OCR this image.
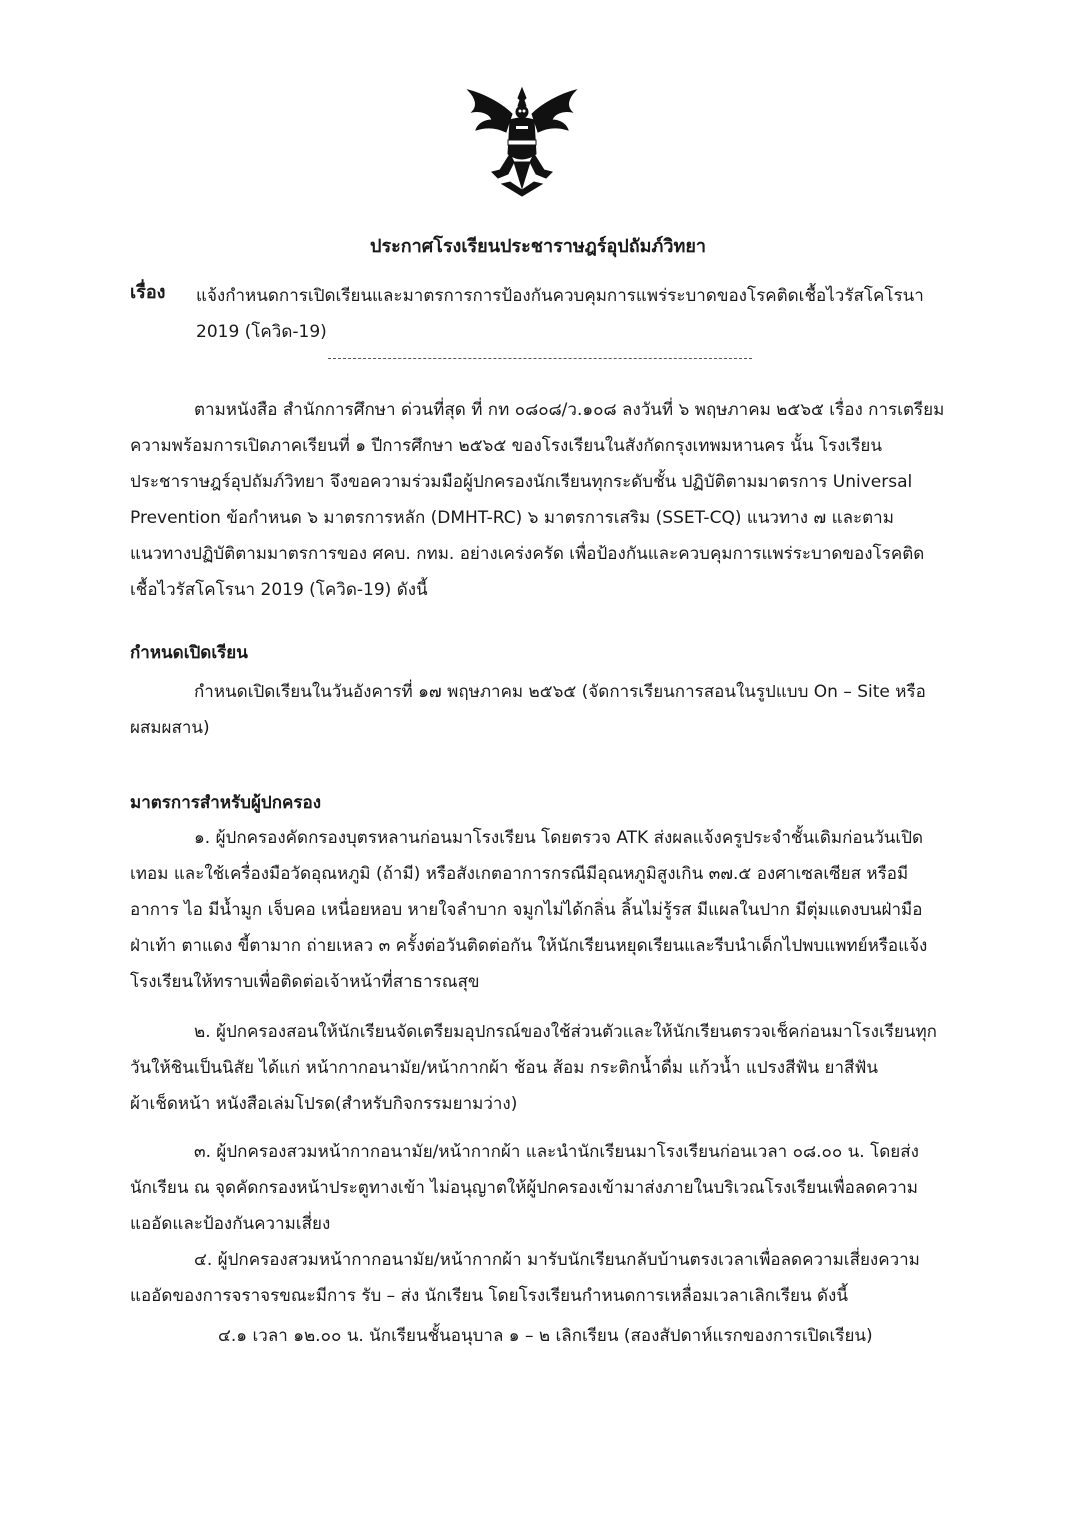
ประกาศโรงเรียนประชาราษฎร์อุปถัมภ์วิทยา
เรื่อง แจ้งกำหนดการเปิดเรียนและมาตรการการป้องกันควบคุมการแพร่ระบาดของโรคติดเชื้อไวรัสโคโรนา 2019 (โควิด-19)

ตามหนังสือ สำนักการศึกษา ด่วนที่สุด ที่ กท ๐๘๐๘/ว.๑๐๘ ลงวันที่ ๖ พฤษภาคม ๒๕๖๕ เรื่อง การเตรียมความพร้อมการเปิดภาคเรียนที่ ๑ ปีการศึกษา ๒๕๖๕ ของโรงเรียนในสังกัดกรุงเทพมหานคร นั้น โรงเรียนประชาราษฎร์อุปถัมภ์วิทยา จึงขอความร่วมมือผู้ปกครองนักเรียนทุกระดับชั้น ปฏิบัติตามมาตรการ Universal Prevention ข้อกำหนด ๖ มาตรการหลัก (DMHT-RC) ๖ มาตรการเสริม (SSET-CQ) แนวทาง ๗ และตามแนวทางปฏิบัติตามมาตรการของ ศคบ. กทม. อย่างเคร่งครัด เพื่อป้องกันและควบคุมการแพร่ระบาดของโรคติดเชื้อไวรัสโคโรนา 2019 (โควิด-19) ดังนี้

กำหนดเปิดเรียน

กำหนดเปิดเรียนในวันอังคารที่ ๑๗ พฤษภาคม ๒๕๖๕ (จัดการเรียนการสอนในรูปแบบ On – Site หรือผสมผสาน)

มาตรการสำหรับผู้ปกครอง

๑. ผู้ปกครองคัดกรองบุตรหลานก่อนมาโรงเรียน โดยตรวจ ATK ส่งผลแจ้งครูประจำชั้นเดิมก่อนวันเปิดเทอม และใช้เครื่องมือวัดอุณหภูมิ (ถ้ามี) หรือสังเกตอาการกรณีมีอุณหภูมิสูงเกิน ๓๗.๕ องศาเซลเซียส หรือมีอาการ ไอ มีน้ำมูก เจ็บคอ เหนื่อยหอบ หายใจลำบาก จมูกไม่ได้กลิ่น ลิ้นไม่รู้รส มีแผลในปาก มีตุ่มแดงบนฝ่ามือฝ่าเท้า ตาแดง ขี้ตามาก ถ่ายเหลว ๓ ครั้งต่อวันติดต่อกัน ให้นักเรียนหยุดเรียนและรีบนำเด็กไปพบแพทย์หรือแจ้งโรงเรียนให้ทราบเพื่อติดต่อเจ้าหน้าที่สาธารณสุข

๒. ผู้ปกครองสอนให้นักเรียนจัดเตรียมอุปกรณ์ของใช้ส่วนตัวและให้นักเรียนตรวจเช็คก่อนมาโรงเรียนทุกวันให้ชินเป็นนิสัย ได้แก่ หน้ากากอนามัย/หน้ากากผ้า ช้อน ส้อม กระติกน้ำดื่ม แก้วน้ำ แปรงสีฟัน ยาสีฟัน ผ้าเช็ดหน้า หนังสือเล่มโปรด(สำหรับกิจกรรมยามว่าง)

๓. ผู้ปกครองสวมหน้ากากอนามัย/หน้ากากผ้า และนำนักเรียนมาโรงเรียนก่อนเวลา ๐๘.๐๐ น. โดยส่งนักเรียน ณ จุดคัดกรองหน้าประตูทางเข้า ไม่อนุญาตให้ผู้ปกครองเข้ามาส่งภายในบริเวณโรงเรียนเพื่อลดความแออัดและป้องกันความเสี่ยง

๔. ผู้ปกครองสวมหน้ากากอนามัย/หน้ากากผ้า มารับนักเรียนกลับบ้านตรงเวลาเพื่อลดความเสี่ยงความแออัดของการจราจรขณะมีการ รับ – ส่ง นักเรียน โดยโรงเรียนกำหนดการเหลื่อมเวลาเลิกเรียน ดังนี้

๔.๑ เวลา ๑๒.๐๐ น. นักเรียนชั้นอนุบาล ๑ – ๒ เลิกเรียน (สองสัปดาห์แรกของการเปิดเรียน)
